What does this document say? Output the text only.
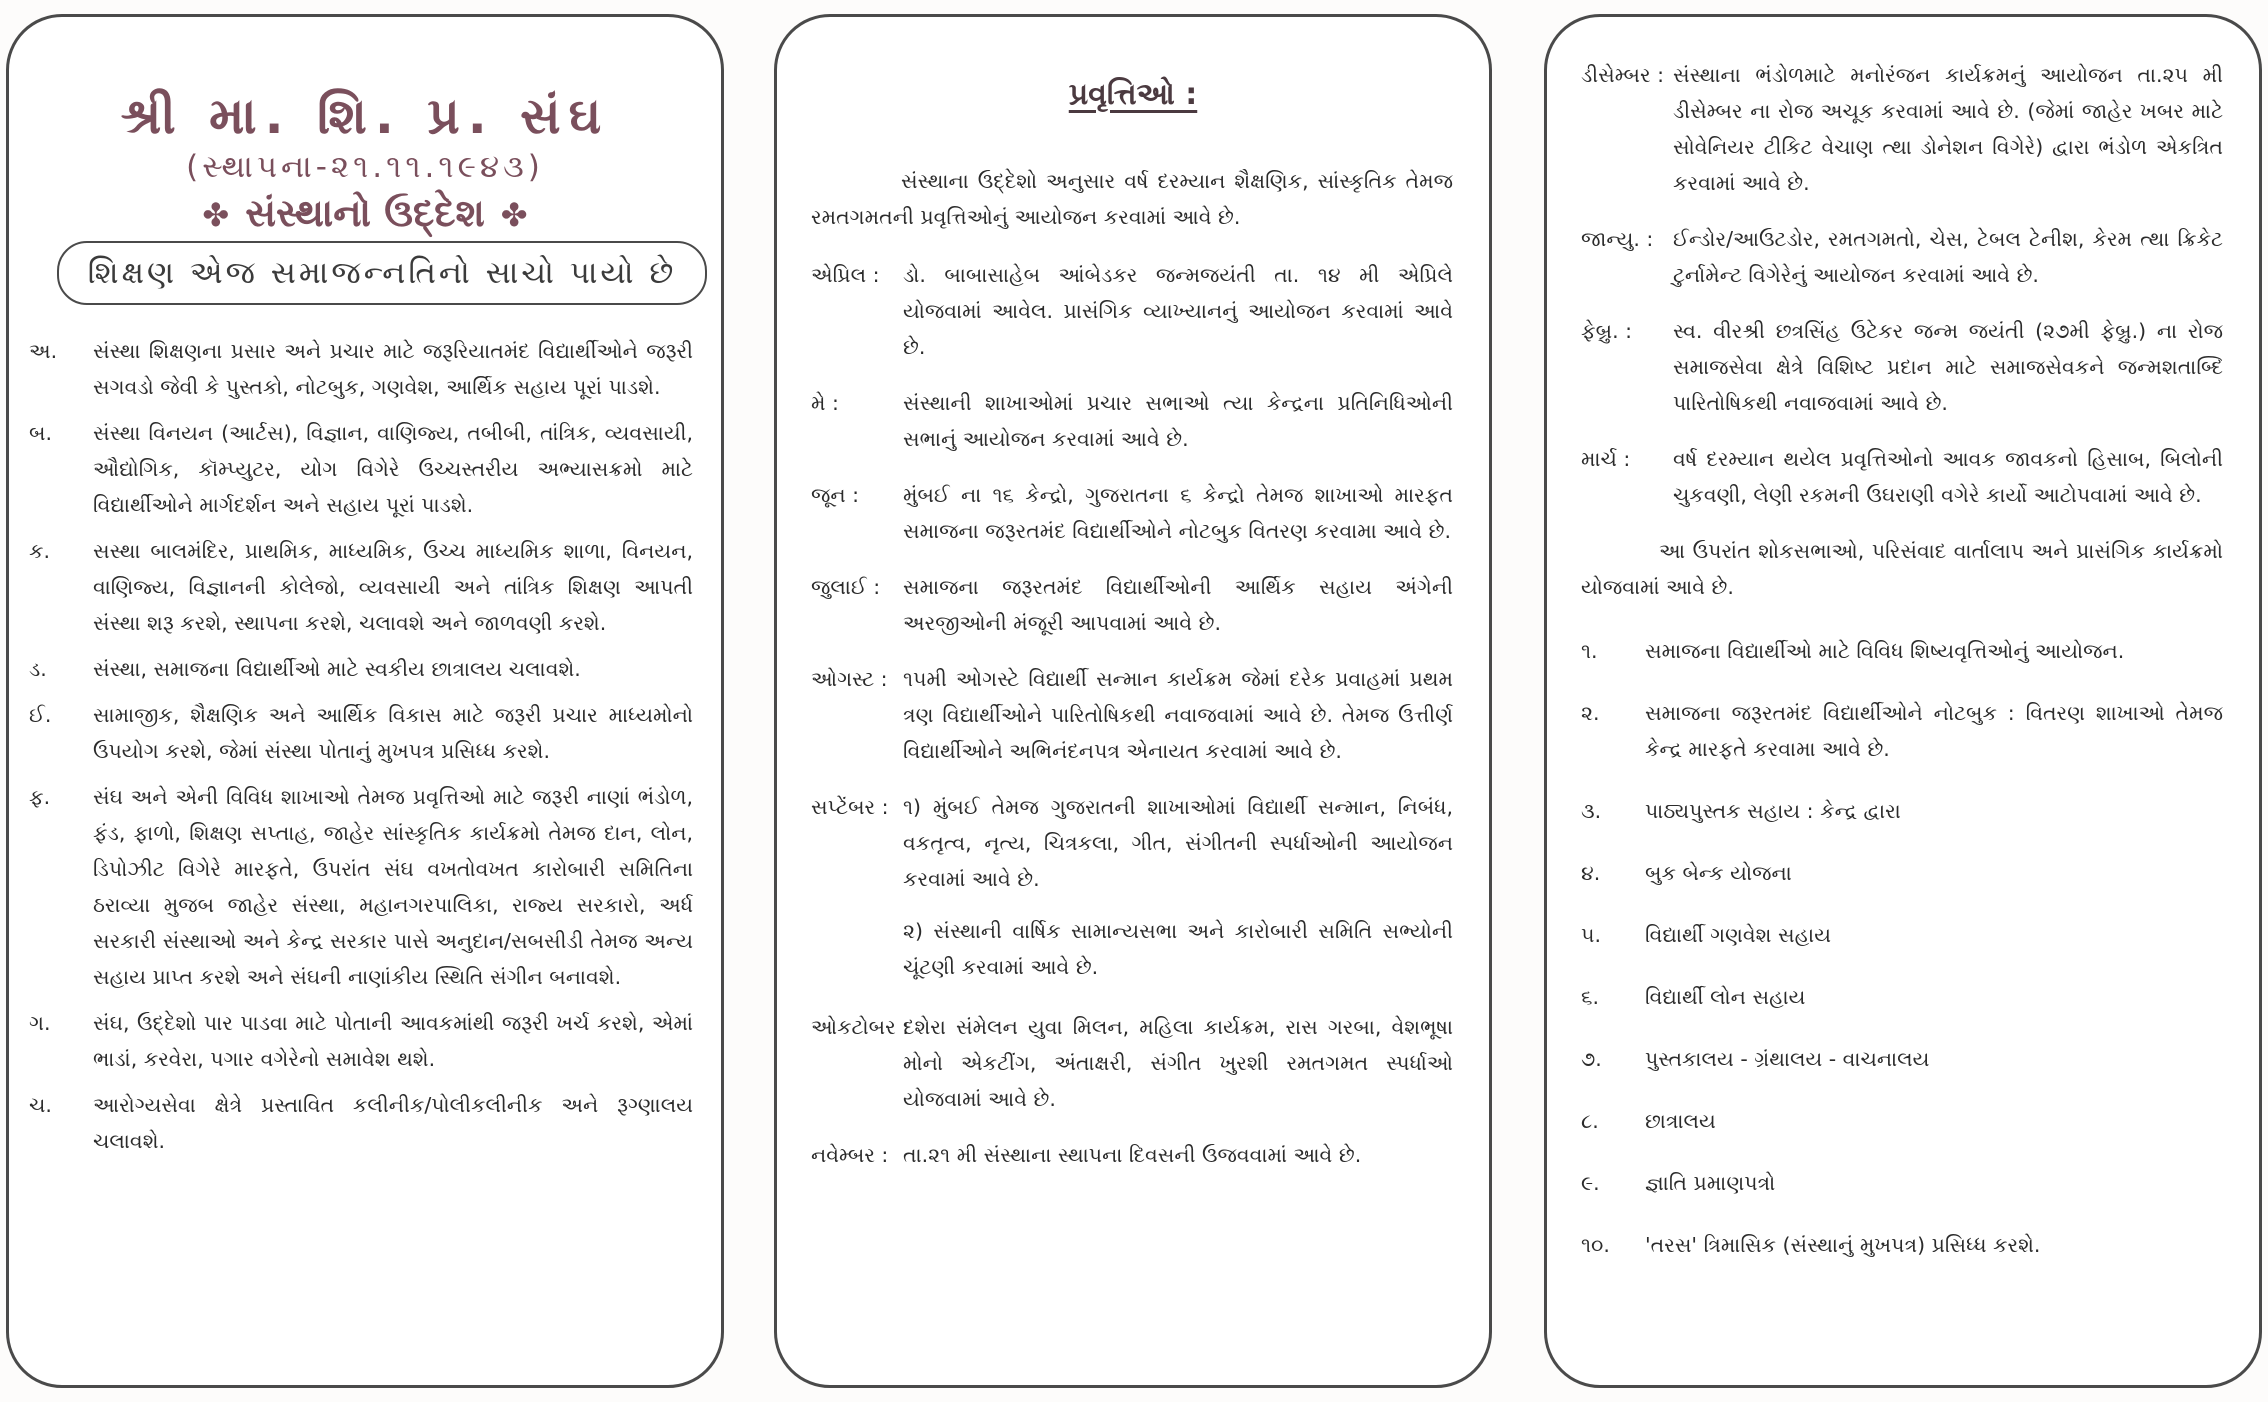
શ્રી મા. શિ. પ્ર. સંઘ
(સ્થાપના-૨૧.૧૧.૧૯૪૩)
✤ સંસ્થાનો ઉદ્દેશ ✤
શિક્ષણ એજ સમાજન્નતિનો સાચો પાયો છે
અ.	સંસ્થા શિક્ષણના પ્રસાર અને પ્રચાર માટે જરૂરિયાતમંદ વિદ્યાર્થીઓને જરૂરી સગવડો જેવી કે પુસ્તકો, નોટબુક, ગણવેશ, આર્થિક સહાય પૂરાં પાડશે.
બ.	સંસ્થા વિનયન (આર્ટસ), વિજ્ઞાન, વાણિજ્ય, તબીબી, તાંત્રિક, વ્યવસાયી, ઔદ્યોગિક, કૉમ્પ્યુટર, યોગ વિગેરે ઉચ્ચસ્તરીય અભ્યાસક્રમો માટે વિદ્યાર્થીઓને માર્ગદર્શન અને સહાય પૂરાં પાડશે.
ક.	સસ્થા બાલમંદિર, પ્રાથમિક, માધ્યમિક, ઉચ્ચ માધ્યમિક શાળા, વિનયન, વાણિજ્ય, વિજ્ઞાનની કોલેજો, વ્યવસાયી અને તાંત્રિક શિક્ષણ આપતી સંસ્થા શરૂ કરશે, સ્થાપના કરશે, ચલાવશે અને જાળવણી કરશે.
ડ.	સંસ્થા, સમાજના વિદ્યાર્થીઓ માટે સ્વકીય છાત્રાલય ચલાવશે.
ઈ.	સામાજીક, શૈક્ષણિક અને આર્થિક વિકાસ માટે જરૂરી પ્રચાર માધ્યમોનો ઉપયોગ કરશે, જેમાં સંસ્થા પોતાનું મુખપત્ર પ્રસિધ્ધ કરશે.
ફ.	સંઘ અને એની વિવિધ શાખાઓ તેમજ પ્રવૃત્તિઓ માટે જરૂરી નાણાં ભંડોળ, ફંડ, ફાળો, શિક્ષણ સપ્તાહ, જાહેર સાંસ્કૃતિક કાર્યક્રમો તેમજ દાન, લોન, ડિપોઝીટ વિગેરે મારફતે, ઉપરાંત સંઘ વખતોવખત કારોબારી સમિતિના ઠરાવ્યા મુજબ જાહેર સંસ્થા, મહાનગરપાલિકા, રાજ્ય સરકારો, અર્ધ સરકારી સંસ્થાઓ અને કેન્દ્ર સરકાર પાસે અનુદાન/સબસીડી તેમજ અન્ય સહાય પ્રાપ્ત કરશે અને સંઘની નાણાંકીય સ્થિતિ સંગીન બનાવશે.
ગ.	સંઘ, ઉદ્દેશો પાર પાડવા માટે પોતાની આવકમાંથી જરૂરી ખર્ચ કરશે, એમાં ભાડાં, કરવેરા, પગાર વગેરેનો સમાવેશ થશે.
ચ.	આરોગ્યસેવા ક્ષેત્રે પ્રસ્તાવિત કલીનીક/પોલીકલીનીક અને રૂગ્ણાલય ચલાવશે.
પ્રવૃત્તિઓ :
સંસ્થાના ઉદ્દેશો અનુસાર વર્ષ દરમ્યાન શૈક્ષણિક, સાંસ્કૃતિક તેમજ રમતગમતની પ્રવૃત્તિઓનું આયોજન કરવામાં આવે છે.
એપ્રિલ :	ડો. બાબાસાહેબ આંબેડકર જન્મજયંતી તા. ૧૪ મી એપ્રિલે યોજવામાં આવેલ. પ્રાસંગિક વ્યાખ્યાનનું આયોજન કરવામાં આવે છે.
મે :	સંસ્થાની શાખાઓમાં પ્રચાર સભાઓ ત્યા કેન્દ્રના પ્રતિનિધિઓની સભાનું આયોજન કરવામાં આવે છે.
જૂન :	મુંબઈ ના ૧૬ કેન્દ્રો, ગુજરાતના ૬ કેન્દ્રો તેમજ શાખાઓ મારફત સમાજના જરૂરતમંદ વિદ્યાર્થીઓને નોટબુક વિતરણ કરવામા આવે છે.
જુલાઈ :	સમાજના જરૂરતમંદ વિદ્યાર્થીઓની આર્થિક સહાય અંગેની અરજીઓની મંજૂરી આપવામાં આવે છે.
ઓગસ્ટ : ૧૫મી ઓગસ્ટે વિદ્યાર્થી સન્માન કાર્યક્રમ જેમાં દરેક પ્રવાહમાં પ્રથમ ત્રણ વિદ્યાર્થીઓને પારિતોષિકથી નવાજવામાં આવે છે. તેમજ ઉત્તીર્ણ વિદ્યાર્થીઓને અભિનંદનપત્ર એનાયત કરવામાં આવે છે.
સપ્ટેંબર : ૧) મુંબઈ તેમજ ગુજરાતની શાખાઓમાં વિદ્યાર્થી સન્માન, નિબંધ, વકતૃત્વ, નૃત્ય, ચિત્રકલા, ગીત, સંગીતની સ્પર્ધાઓની આયોજન કરવામાં આવે છે.
૨) સંસ્થાની વાર્ષિક સામાન્યસભા અને કારોબારી સમિતિ સભ્યોની ચૂંટણી કરવામાં આવે છે.
ઓકટોબર :
દશેરા સંમેલન યુવા મિલન, મહિલા કાર્યક્રમ, રાસ ગરબા, વેશભૂષા મોનો એકટીંગ, અંતાક્ષરી, સંગીત ખુરશી રમતગમત સ્પર્ધાઓ યોજવામાં આવે છે.
નવેમ્બર : તા.૨૧ મી સંસ્થાના સ્થાપના દિવસની ઉજવવામાં આવે છે.
ડીસેમ્બર : સંસ્થાના ભંડોળમાટે મનોરંજન કાર્યક્રમનું આયોજન તા.૨૫ મી ડીસેમ્બર ના રોજ અચૂક કરવામાં આવે છે. (જેમાં જાહેર ખબર માટે સોવેનિયર ટીકિટ વેચાણ ત્થા ડોનેશન વિગેરે) દ્વારા ભંડોળ એકત્રિત કરવામાં આવે છે.
જાન્યુ. : ઈન્ડોર/આઉટડોર, રમતગમતો, ચેસ, ટેબલ ટેનીશ, કેરમ ત્થા ક્રિકેટ ટુર્નામેન્ટ વિગેરેનું આયોજન કરવામાં આવે છે.
ફેબ્રુ. :	સ્વ. વીરશ્રી છત્રસિંહ ઉટેકર જન્મ જયંતી (૨૭મી ફેબ્રુ.) ના રોજ સમાજસેવા ક્ષેત્રે વિશિષ્ટ પ્રદાન માટે સમાજસેવકને જન્મશતાબ્દિ પારિતોષિકથી નવાજવામાં આવે છે.
માર્ચ :	વર્ષ દરમ્યાન થયેલ પ્રવૃત્તિઓનો આવક જાવકનો હિસાબ, બિલોની ચુકવણી, લેણી રકમની ઉઘરાણી વગેરે કાર્યો આટોપવામાં આવે છે.
આ ઉપરાંત શોકસભાઓ, પરિસંવાદ વાર્તાલાપ અને પ્રાસંગિક કાર્યક્રમો યોજવામાં આવે છે.
૧.	સમાજના વિદ્યાર્થીઓ માટે વિવિધ શિષ્યવૃત્તિઓનું આયોજન.
૨.	સમાજના જરૂરતમંદ વિદ્યાર્થીઓને નોટબુક : વિતરણ શાખાઓ તેમજ કેન્દ્ર મારફતે કરવામા આવે છે.
૩.	પાઠ્યપુસ્તક સહાય : કેન્દ્ર દ્વારા
૪.	બુક બેન્ક યોજના
૫.	વિદ્યાર્થી ગણવેશ સહાય
૬.	વિદ્યાર્થી લોન સહાય
૭.	પુસ્તકાલય - ગ્રંથાલય - વાચનાલય
૮.	છાત્રાલય
૯.	જ્ઞાતિ પ્રમાણપત્રો
૧૦.	'તરસ' ત્રિમાસિક (સંસ્થાનું મુખપત્ર) પ્રસિધ્ધ કરશે.
